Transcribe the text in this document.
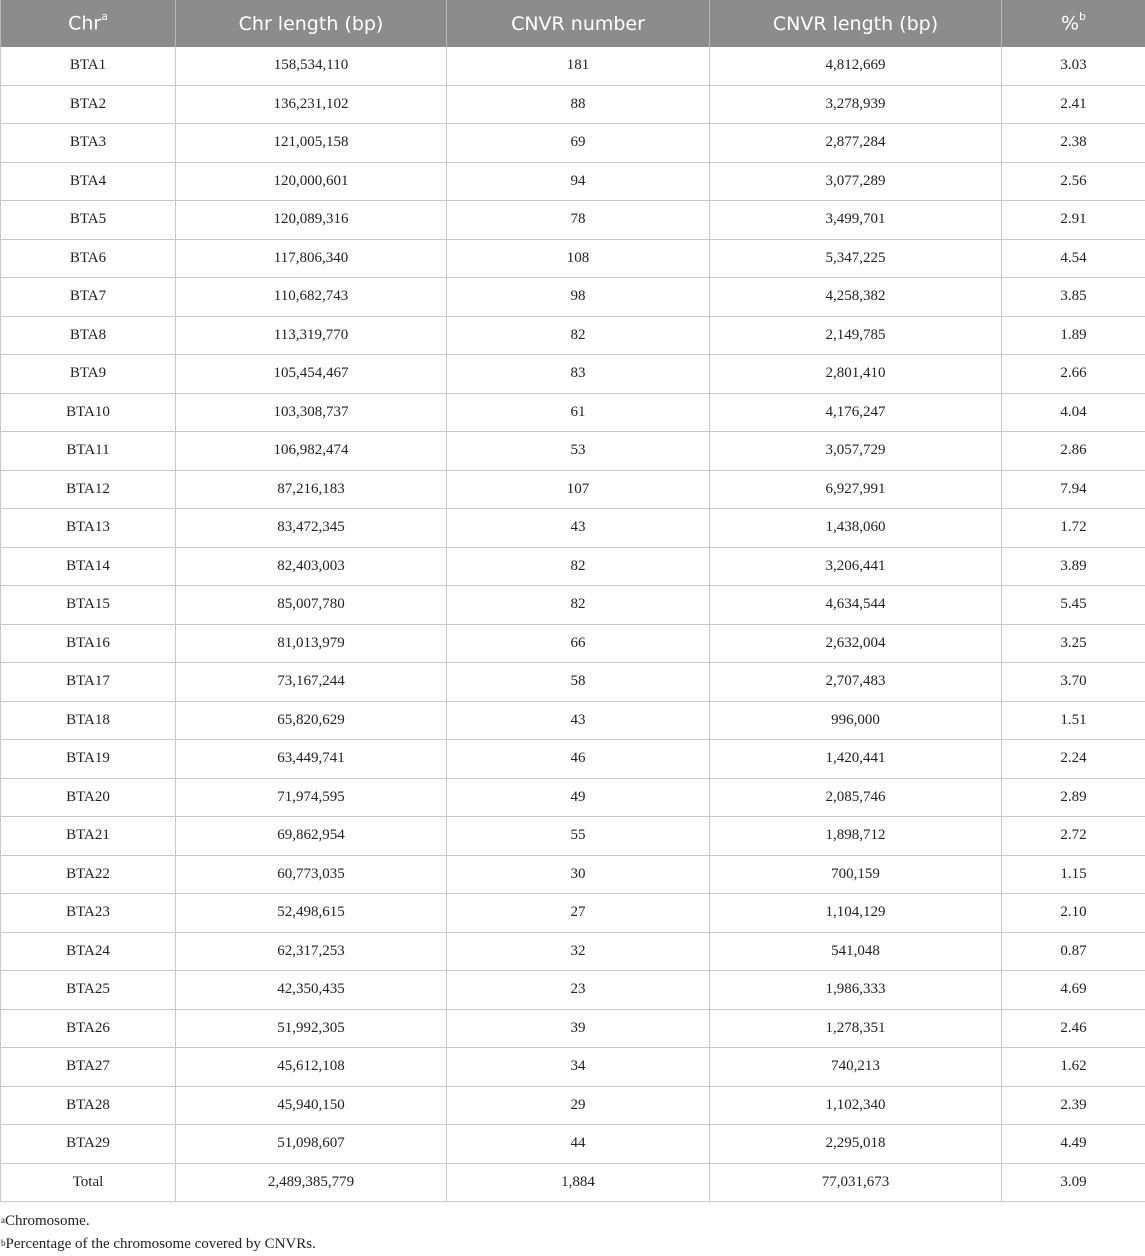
Chr$^a$	Chr length (bp)	CNVR number	CNVR length (bp)	%$^b$
BTA1	158,534,110	181	4,812,669	3.03
BTA2	136,231,102	88	3,278,939	2.41
BTA3	121,005,158	69	2,877,284	2.38
BTA4	120,000,601	94	3,077,289	2.56
BTA5	120,089,316	78	3,499,701	2.91
BTA6	117,806,340	108	5,347,225	4.54
BTA7	110,682,743	98	4,258,382	3.85
BTA8	113,319,770	82	2,149,785	1.89
BTA9	105,454,467	83	2,801,410	2.66
BTA10	103,308,737	61	4,176,247	4.04
BTA11	106,982,474	53	3,057,729	2.86
BTA12	87,216,183	107	6,927,991	7.94
BTA13	83,472,345	43	1,438,060	1.72
BTA14	82,403,003	82	3,206,441	3.89
BTA15	85,007,780	82	4,634,544	5.45
BTA16	81,013,979	66	2,632,004	3.25
BTA17	73,167,244	58	2,707,483	3.70
BTA18	65,820,629	43	996,000	1.51
BTA19	63,449,741	46	1,420,441	2.24
BTA20	71,974,595	49	2,085,746	2.89
BTA21	69,862,954	55	1,898,712	2.72
BTA22	60,773,035	30	700,159	1.15
BTA23	52,498,615	27	1,104,129	2.10
BTA24	62,317,253	32	541,048	0.87
BTA25	42,350,435	23	1,986,333	4.69
BTA26	51,992,305	39	1,278,351	2.46
BTA27	45,612,108	34	740,213	1.62
BTA28	45,940,150	29	1,102,340	2.39
BTA29	51,098,607	44	2,295,018	4.49
Total	2,489,385,779	1,884	77,031,673	3.09
$^a$Chromosome.
$^b$Percentage of the chromosome covered by CNVRs.
